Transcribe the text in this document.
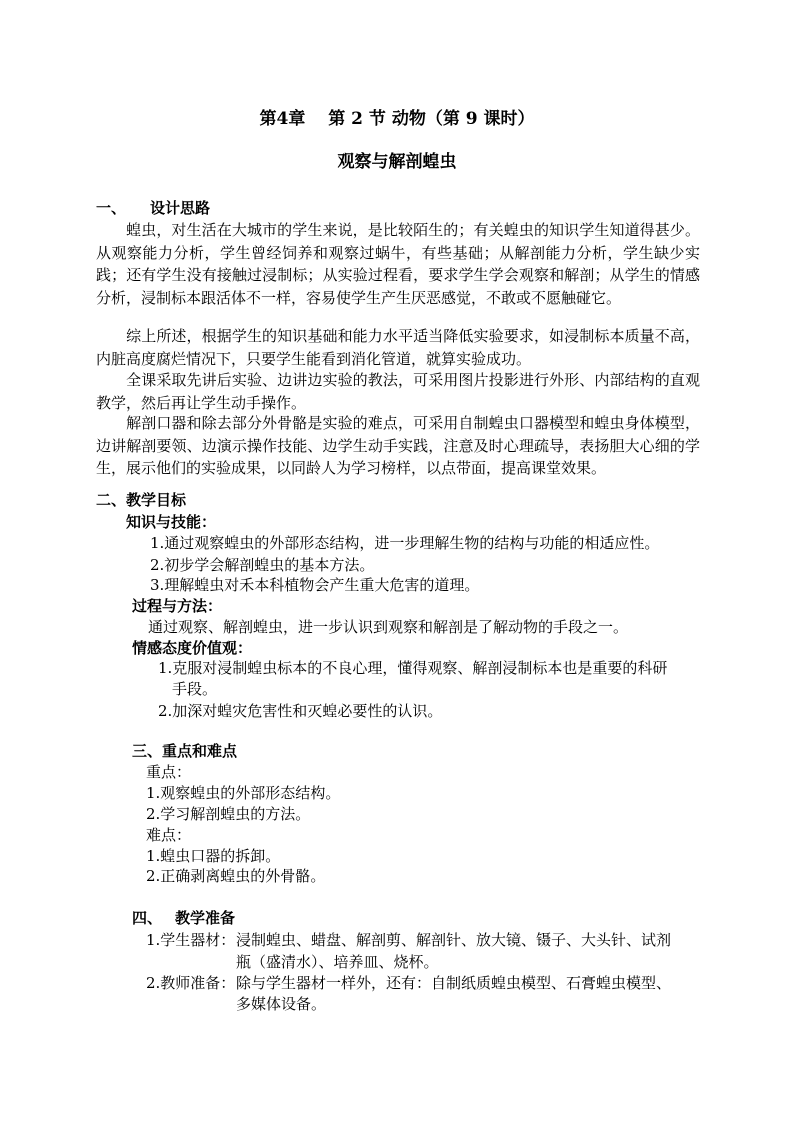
第4章　 第 2 节 动物（第 9 课时）
观察与解剖蝗虫
一、 设计思路
蝗虫，对生活在大城市的学生来说，是比较陌生的；有关蝗虫的知识学生知道得甚少。从观察能力分析，学生曾经饲养和观察过蜗牛，有些基础；从解剖能力分析，学生缺少实践；还有学生没有接触过浸制标；从实验过程看，要求学生学会观察和解剖；从学生的情感分析，浸制标本跟活体不一样，容易使学生产生厌恶感觉，不敢或不愿触碰它。
综上所述，根据学生的知识基础和能力水平适当降低实验要求，如浸制标本质量不高，内脏高度腐烂情况下，只要学生能看到消化管道，就算实验成功。
全课采取先讲后实验、边讲边实验的教法，可采用图片投影进行外形、内部结构的直观教学，然后再让学生动手操作。
解剖口器和除去部分外骨骼是实验的难点，可采用自制蝗虫口器模型和蝗虫身体模型，边讲解剖要领、边演示操作技能、边学生动手实践，注意及时心理疏导，表扬胆大心细的学生，展示他们的实验成果，以同龄人为学习榜样，以点带面，提高课堂效果。
二、教学目标
知识与技能：
1.通过观察蝗虫的外部形态结构，进一步理解生物的结构与功能的相适应性。
2.初步学会解剖蝗虫的基本方法。
3.理解蝗虫对禾本科植物会产生重大危害的道理。
过程与方法：
通过观察、解剖蝗虫，进一步认识到观察和解剖是了解动物的手段之一。
情感态度价值观：
1.克服对浸制蝗虫标本的不良心理，懂得观察、解剖浸制标本也是重要的科研
手段。
2.加深对蝗灾危害性和灭蝗必要性的认识。
三、重点和难点
重点：
1.观察蝗虫的外部形态结构。
2.学习解剖蝗虫的方法。
难点：
1.蝗虫口器的拆卸。
2.正确剥离蝗虫的外骨骼。
四、 教学准备
1.学生器材： 浸制蝗虫、蜡盘、解剖剪、解剖针、放大镜、镊子、大头针、试剂
瓶（盛清水）、培养皿、烧杯。
2.教师准备： 除与学生器材一样外，还有：自制纸质蝗虫模型、石膏蝗虫模型、
多媒体设备。
